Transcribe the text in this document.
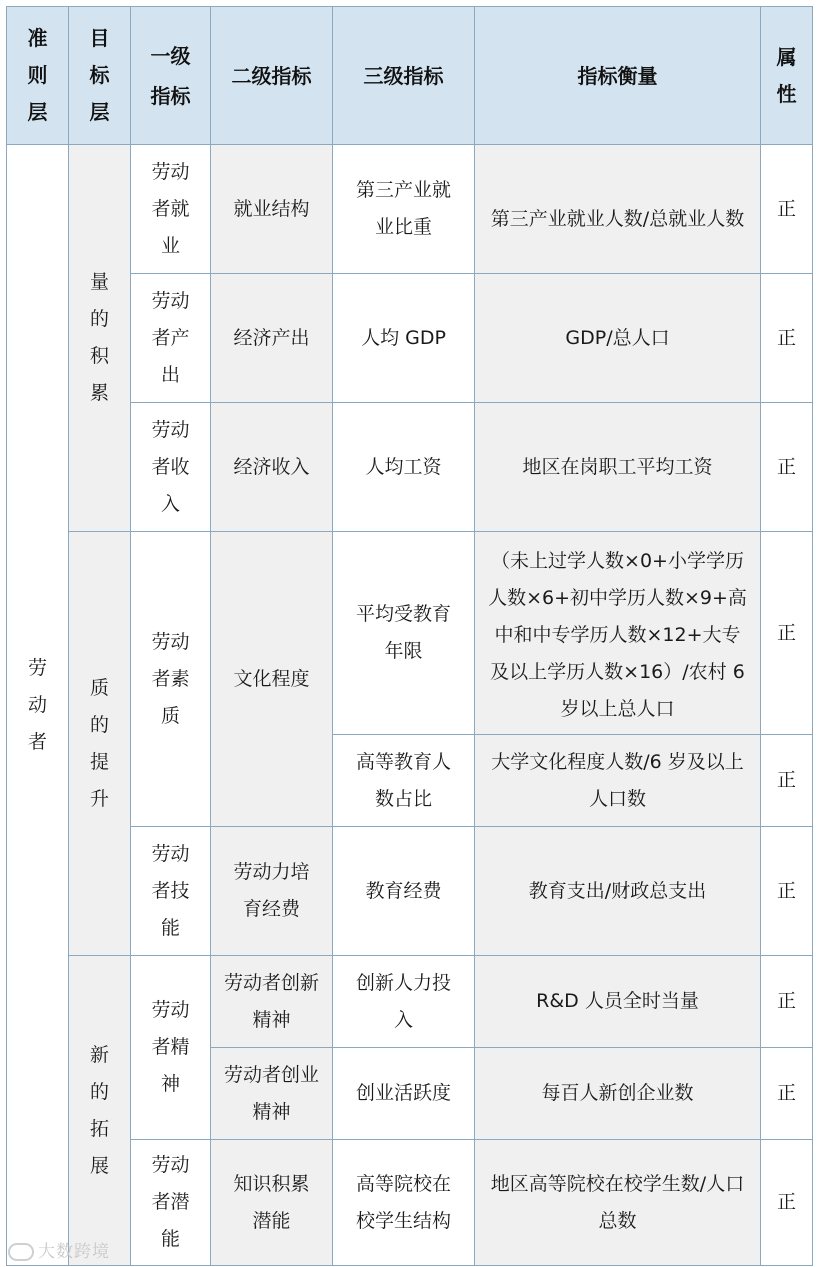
准则层	目标层	一级指标	二级指标	三级指标	指标衡量	属性

劳动者	量的积累	劳动者就业	就业结构	第三产业就业比重	第三产业就业人数/总就业人数	正

		劳动者产出	经济产出	人均 GDP	GDP/总人口	正

		劳动者收入	经济收入	人均工资	地区在岗职工平均工资	正

	质的提升	劳动者素质	文化程度	平均受教育年限	（未上过学人数×0+小学学历人数×6+初中学历人数×9+高中和中专学历人数×12+大专及以上学历人数×16）/农村 6 岁以上总人口	正

				高等教育人数占比	大学文化程度人数/6 岁及以上人口数	正

		劳动者技能	劳动力培育经费	教育经费	教育支出/财政总支出	正

	新的拓展	劳动者精神	劳动者创新精神	创新人力投入	R&D 人员全时当量	正

			劳动者创业精神	创业活跃度	每百人新创企业数	正

		劳动者潜能	知识积累潜能	高等院校在校学生结构	地区高等院校在校学生数/人口总数	正
大数跨境
